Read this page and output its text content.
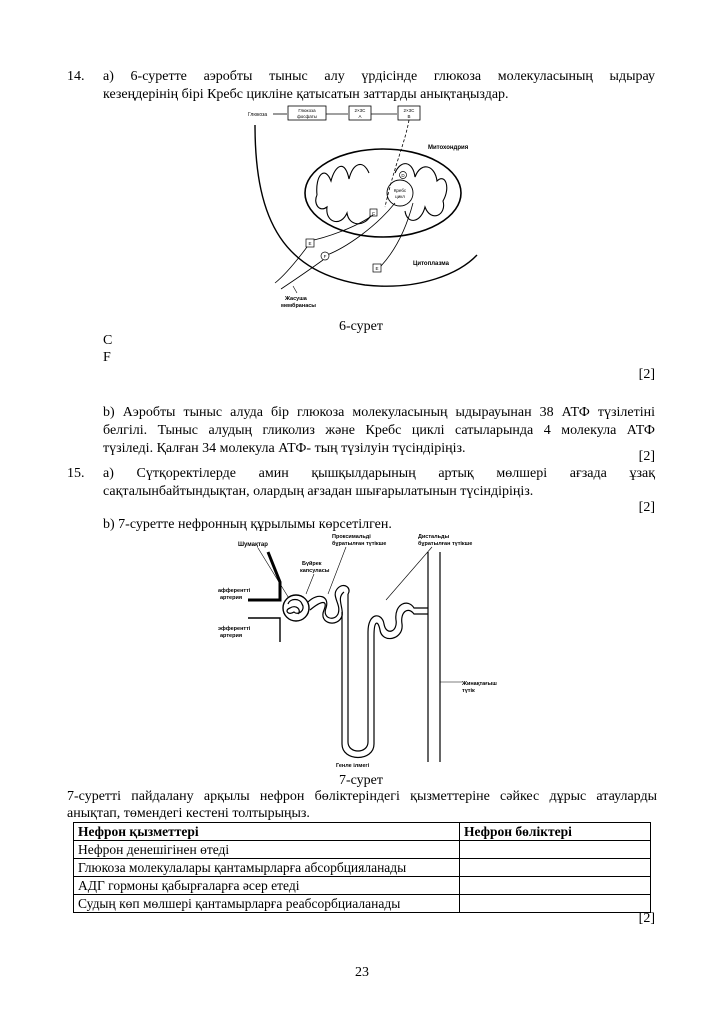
14. а) 6-суретте аэробты тыныс алу үрдісінде глюкоза молекуласының ыдырау
кезеңдерінің бірі Кребс цикліне қатысатын заттарды анықтаңыздар.
Глюкоза
Глюкоза
фосфаты
2×3С
А
2×3С
В
Митохондрия
Кребс
цикл
D
C
E
F
E
Цитоплазма
Жасуша
мембранасы
6-сурет
C
F
[2]
b) Аэробты тыныс алуда бір глюкоза молекуласының ыдырауынан 38 АТФ түзілетіні
белгілі. Тыныс алудың гликолиз және Кребс циклі сатыларында 4 молекула АТФ
түзіледі. Қалған 34 молекула АТФ- тың түзілуін түсіндіріңіз.
[2]
15. а) Сүтқоректілерде амин қышқылдарының артық мөлшері ағзада ұзақ
сақталынбайтындықтан, олардың ағзадан шығарылатынын түсіндіріңіз.
[2]
b) 7-суретте нефронның құрылымы көрсетілген.
Шумақтар
Проксимальді
бұратылған түтікше
Дистальды
бұратылған түтікше
Бүйрек
капсуласы
афферентті
артерия
эфферентті
артерия
Жинақтағыш
түтік
Генле ілмегі
7-сурет
7-суретті пайдалану арқылы нефрон бөліктеріндегі қызметтеріне сәйкес дұрыс атауларды
анықтап, төмендегі кестені толтырыңыз.
Нефрон қызметтері	Нефрон бөліктері
Нефрон денешігінен өтеді	
Глюкоза молекулалары қантамырларға абсорбцияланады	
АДГ гормоны қабырғаларға әсер етеді	
Судың көп мөлшері қантамырларға реабсорбциаланады	
[2]
23
